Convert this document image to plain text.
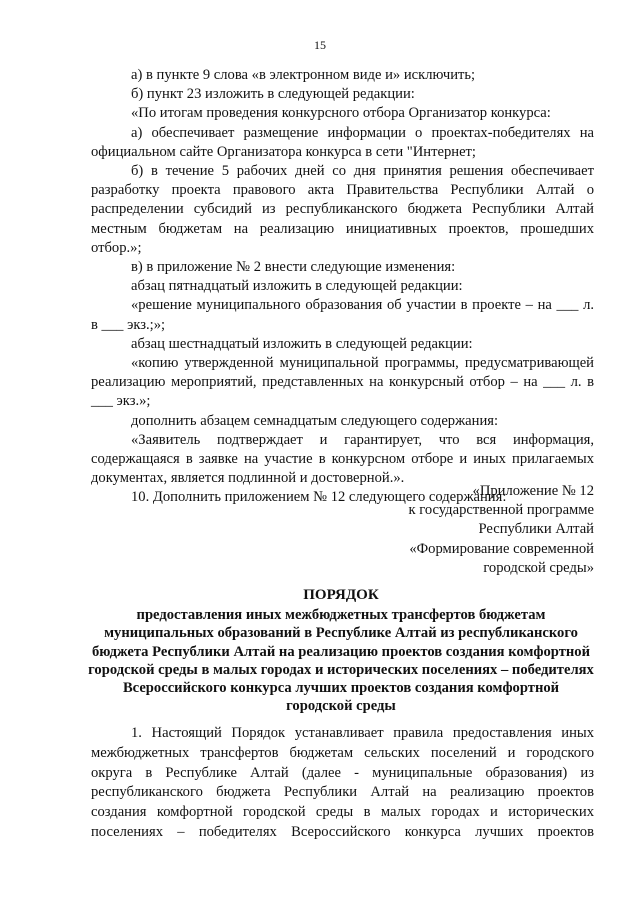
15

а) в пункте 9 слова «в электронном виде и» исключить;

б) пункт 23 изложить в следующей редакции:

«По итогам проведения конкурсного отбора Организатор конкурса:

а) обеспечивает размещение информации о проектах-победителях на официальном сайте Организатора конкурса в сети "Интернет;

б) в течение 5 рабочих дней со дня принятия решения обеспечивает разработку проекта правового акта Правительства Республики Алтай о распределении субсидий из республиканского бюджета Республики Алтай местным бюджетам на реализацию инициативных проектов, прошедших отбор.»;

в) в приложение № 2 внести следующие изменения:

абзац пятнадцатый изложить в следующей редакции:

«решение муниципального образования об участии в проекте – на ___ л. в ___ экз.;»;

абзац шестнадцатый изложить в следующей редакции:

«копию утвержденной муниципальной программы, предусматривающей реализацию мероприятий, представленных на конкурсный отбор – на ___ л. в ___ экз.»;

дополнить абзацем семнадцатым следующего содержания:

«Заявитель подтверждает и гарантирует, что вся информация, содержащаяся в заявке на участие в конкурсном отборе и иных прилагаемых документах, является подлинной и достоверной.».

10. Дополнить приложением № 12 следующего содержания:

«Приложение № 12
к государственной программе
Республики Алтай
«Формирование современной
городской среды»

ПОРЯДОК

предоставления иных межбюджетных трансфертов бюджетам муниципальных образований в Республике Алтай из республиканского бюджета Республики Алтай на реализацию проектов создания комфортной городской среды в малых городах и исторических поселениях – победителях Всероссийского конкурса лучших проектов создания комфортной городской среды

1. Настоящий Порядок устанавливает правила предоставления иных межбюджетных трансфертов бюджетам сельских поселений и городского округа в Республике Алтай (далее - муниципальные образования) из республиканского бюджета Республики Алтай на реализацию проектов создания комфортной городской среды в малых городах и исторических поселениях – победителях Всероссийского конкурса лучших проектов
